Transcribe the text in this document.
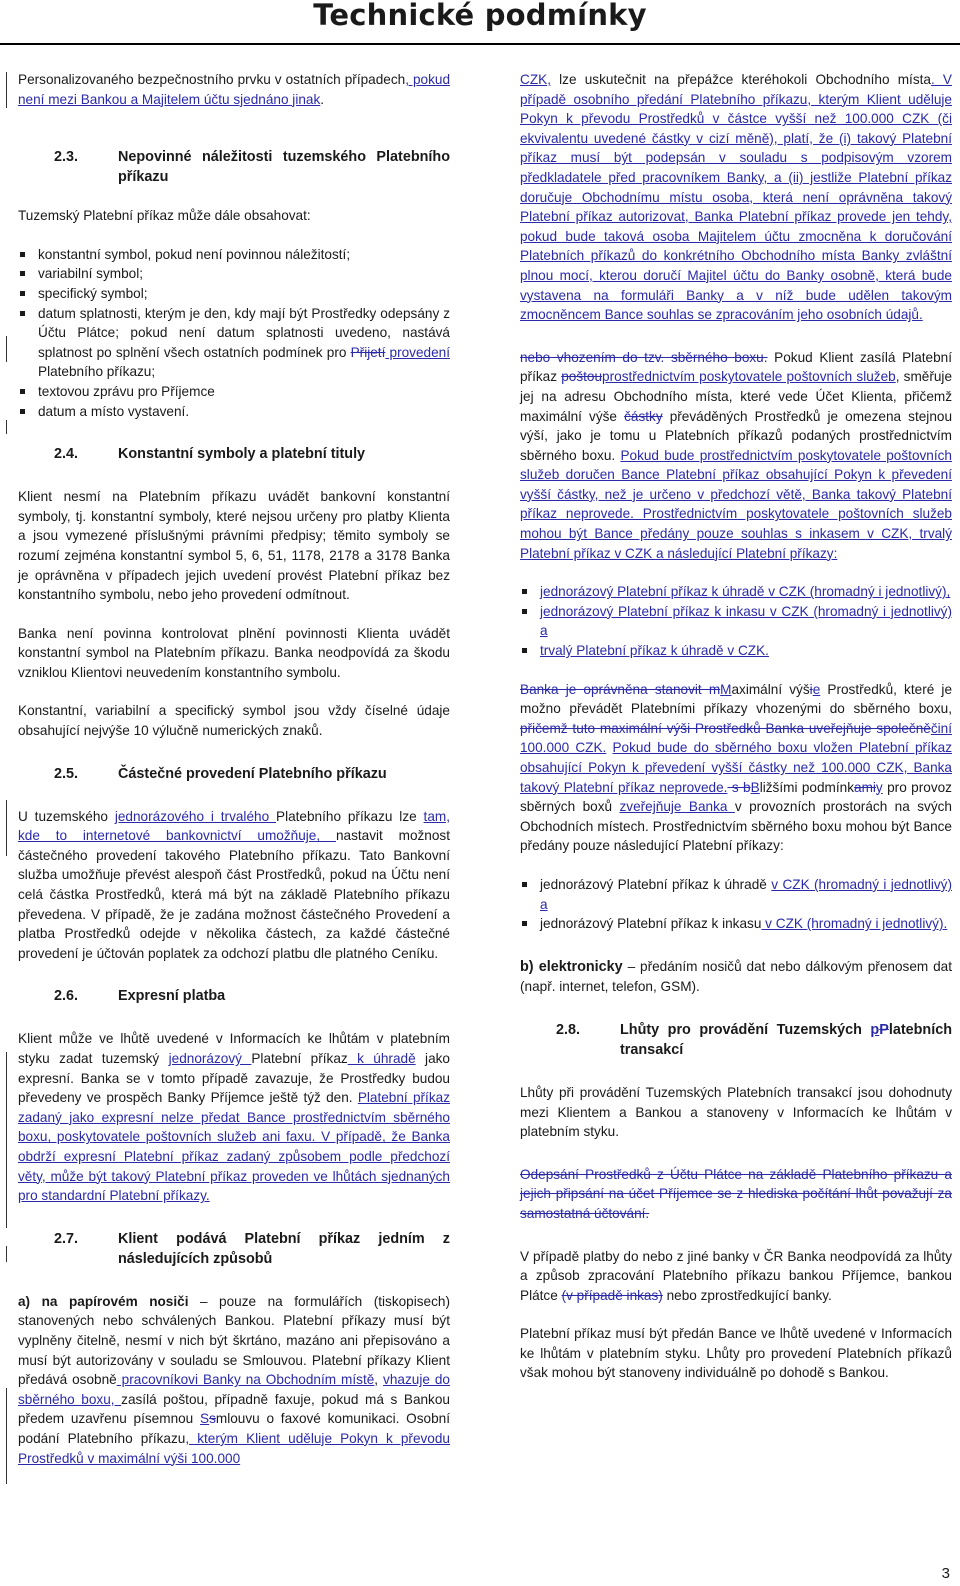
Technické podmínky

Personalizovaného bezpečnostního prvku v ostatních případech, pokud není mezi Bankou a Majitelem účtu sjednáno jinak.

2.3.	Nepovinné náležitosti tuzemského Platebního příkazu

Tuzemský Platební příkaz může dále obsahovat:

konstantní symbol, pokud není povinnou náležitostí;
variabilní symbol;
specifický symbol;
datum splatnosti, kterým je den, kdy mají být Prostředky odepsány z Účtu Plátce; pokud není datum splatnosti uvedeno, nastává splatnost po splnění všech ostatních podmínek pro Přijetí provedení Platebního příkazu;
textovou zprávu pro Příjemce
datum a místo vystavení.
2.4.	Konstantní symboly a platební tituly

Klient nesmí na Platebním příkazu uvádět bankovní konstantní symboly, tj. konstantní symboly, které nejsou určeny pro platby Klienta a jsou vymezené příslušnými právními předpisy; těmito symboly se rozumí zejména konstantní symbol 5, 6, 51, 1178, 2178 a 3178 Banka je oprávněna v případech jejich uvedení provést Platební příkaz bez konstantního symbolu, nebo jeho provedení odmítnout.

Banka není povinna kontrolovat plnění povinnosti Klienta uvádět konstantní symbol na Platebním příkazu. Banka neodpovídá za škodu vzniklou Klientovi neuvedením konstantního symbolu.

Konstantní, variabilní a specifický symbol jsou vždy číselné údaje obsahující nejvýše 10 výlučně numerických znaků.

2.5.	Částečné provedení Platebního příkazu

U tuzemského jednorázového i trvalého Platebního příkazu lze tam, kde to internetové bankovnictví umožňuje, nastavit možnost částečného provedení takového Platebního příkazu. Tato Bankovní služba umožňuje převést alespoň část Prostředků, pokud na Účtu není celá částka Prostředků, která má být na základě Platebního příkazu převedena. V případě, že je zadána možnost částečného Provedení a platba Prostředků odejde v několika částech, za každé částečné provedení je účtován poplatek za odchozí platbu dle platného Ceníku.

2.6.	Expresní platba

Klient může ve lhůtě uvedené v Informacích ke lhůtám v platebním styku zadat tuzemský jednorázový Platební příkaz k úhradě jako expresní. Banka se v tomto případě zavazuje, že Prostředky budou převedeny ve prospěch Banky Příjemce ještě týž den. Platební příkaz zadaný jako expresní nelze předat Bance prostřednictvím sběrného boxu, poskytovatele poštovních služeb ani faxu. V případě, že Banka obdrží expresní Platební příkaz zadaný způsobem podle předchozí věty, může být takový Platební příkaz proveden ve lhůtách sjednaných pro standardní Platební příkazy.

2.7.	Klient podává Platební příkaz jedním z následujících způsobů

a) na papírovém nosiči – pouze na formulářích (tiskopisech) stanovených nebo schválených Bankou. Platební příkazy musí být vyplněny čitelně, nesmí v nich být škrtáno, mazáno ani přepisováno a musí být autorizovány v souladu se Smlouvou. Platební příkazy Klient předává osobně pracovníkovi Banky na Obchodním místě, vhazuje do sběrného boxu, zasílá poštou, případně faxuje, pokud má s Bankou předem uzavřenu písemnou Ssmlouvu o faxové komunikaci. Osobní podání Platebního příkazu, kterým Klient uděluje Pokyn k převodu Prostředků v maximální výši 100.000

CZK, lze uskutečnit na přepážce kteréhokoli Obchodního místa. V případě osobního předání Platebního příkazu, kterým Klient uděluje Pokyn k převodu Prostředků v částce vyšší než 100.000 CZK (či ekvivalentu uvedené částky v cizí měně), platí, že (i) takový Platební příkaz musí být podepsán v souladu s podpisovým vzorem předkladatele před pracovníkem Banky, a (ii) jestliže Platební příkaz doručuje Obchodnímu místu osoba, která není oprávněna takový Platební příkaz autorizovat, Banka Platební příkaz provede jen tehdy, pokud bude taková osoba Majitelem účtu zmocněna k doručování Platebních příkazů do konkrétního Obchodního místa Banky zvláštní plnou mocí, kterou doručí Majitel účtu do Banky osobně, která bude vystavena na formuláři Banky a v níž bude udělen takovým zmocněncem Bance souhlas se zpracováním jeho osobních údajů.

nebo vhozením do tzv. sběrného boxu. Pokud Klient zasílá Platební příkaz poštouprostřednictvím poskytovatele poštovních služeb, směřuje jej na adresu Obchodního místa, které vede Účet Klienta, přičemž maximální výše částky převáděných Prostředků je omezena stejnou výší, jako je tomu u Platebních příkazů podaných prostřednictvím sběrného boxu. Pokud bude prostřednictvím poskytovatele poštovních služeb doručen Bance Platební příkaz obsahující Pokyn k převedení vyšší částky, než je určeno v předchozí větě, Banka takový Platební příkaz neprovede. Prostřednictvím poskytovatele poštovních služeb mohou být Bance předány pouze souhlas s inkasem v CZK, trvalý Platební příkaz v CZK a následující Platební příkazy:

jednorázový Platební příkaz k úhradě v CZK (hromadný i jednotlivý),
jednorázový Platební příkaz k inkasu v CZK (hromadný i jednotlivý) a
trvalý Platební příkaz k úhradě v CZK.

Banka je oprávněna stanovit mMaximální výšie Prostředků, které je možno převádět Platebními příkazy vhozenými do sběrného boxu, přičemž tuto maximální výši Prostředků Banka uveřejňuje společněčiní 100.000 CZK. Pokud bude do sběrného boxu vložen Platební příkaz obsahující Pokyn k převedení vyšší částky než 100.000 CZK, Banka takový Platební příkaz neprovede. s bBližšími podmínkamiy pro provoz sběrných boxů zveřejňuje Banka v provozních prostorách na svých Obchodních místech. Prostřednictvím sběrného boxu mohou být Bance předány pouze následující Platební příkazy:

jednorázový Platební příkaz k úhradě v CZK (hromadný i jednotlivý) a
jednorázový Platební příkaz k inkasu v CZK (hromadný i jednotlivý).

b) elektronicky – předáním nosičů dat nebo dálkovým přenosem dat (např. internet, telefon, GSM).

2.8.	Lhůty pro provádění Tuzemských pPlatebních transakcí

Lhůty při provádění Tuzemských Platebních transakcí jsou dohodnuty mezi Klientem a Bankou a stanoveny v Informacích ke lhůtám v platebním styku.

Odepsání Prostředků z Účtu Plátce na základě Platebního příkazu a jejich připsání na účet Příjemce se z hlediska počítání lhůt považují za samostatná účtování.

V případě platby do nebo z jiné banky v ČR Banka neodpovídá za lhůty a způsob zpracování Platebního příkazu bankou Příjemce, bankou Plátce (v případě inkas) nebo zprostředkující banky.

Platební příkaz musí být předán Bance ve lhůtě uvedené v Informacích ke lhůtám v platebním styku. Lhůty pro provedení Platebních příkazů však mohou být stanoveny individuálně po dohodě s Bankou.

3
